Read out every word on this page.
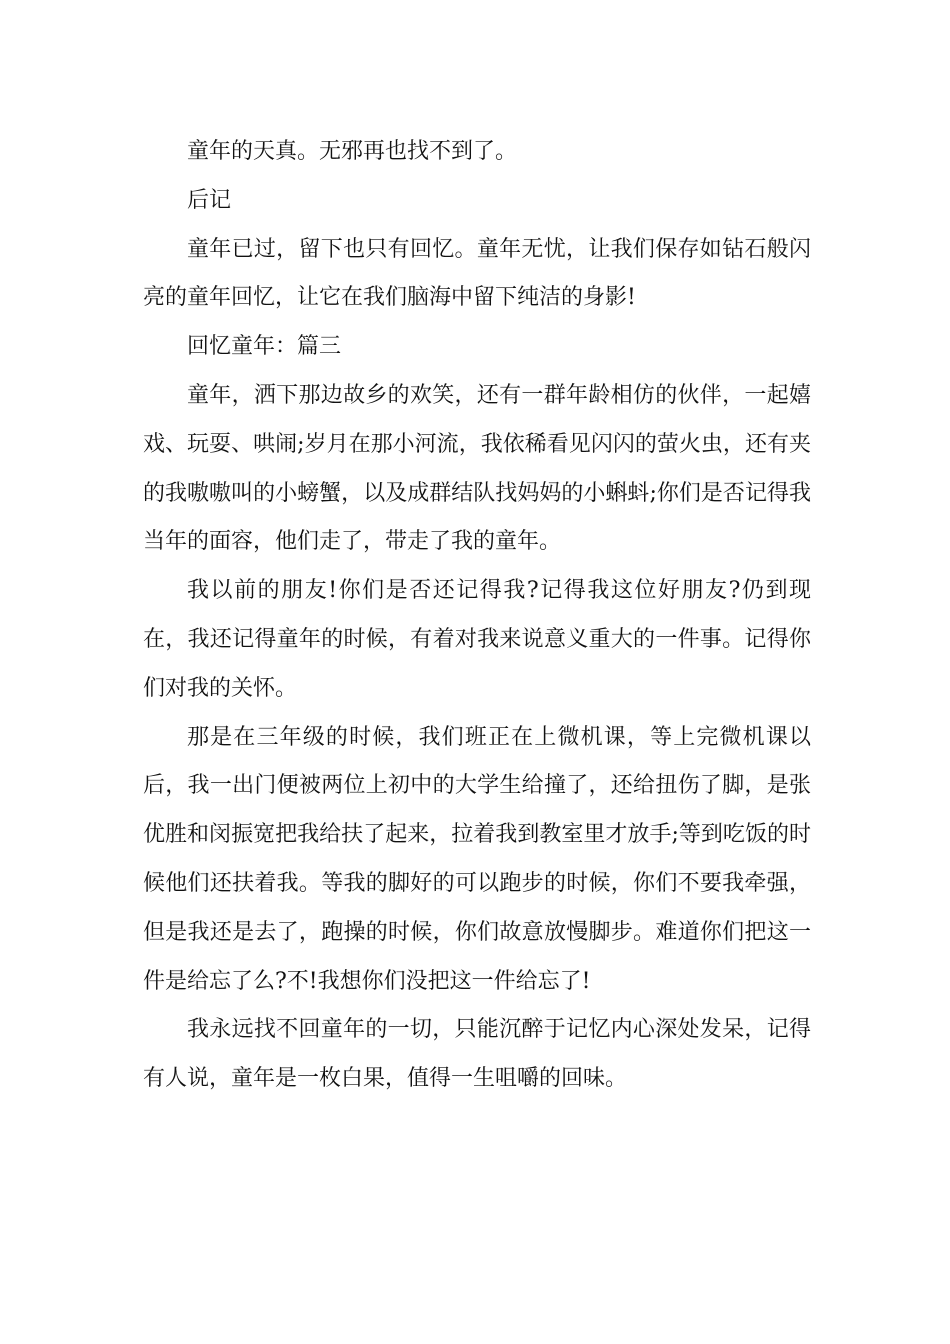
童年的天真。无邪再也找不到了。

后记

童年已过，留下也只有回忆。童年无忧，让我们保存如钻石般闪亮的童年回忆，让它在我们脑海中留下纯洁的身影!

回忆童年：篇三

童年，洒下那边故乡的欢笑，还有一群年龄相仿的伙伴，一起嬉戏、玩耍、哄闹;岁月在那小河流，我依稀看见闪闪的萤火虫，还有夹的我嗷嗷叫的小螃蟹，以及成群结队找妈妈的小蝌蚪;你们是否记得我当年的面容，他们走了，带走了我的童年。

我以前的朋友!你们是否还记得我?记得我这位好朋友?仍到现在，我还记得童年的时候，有着对我来说意义重大的一件事。记得你们对我的关怀。

那是在三年级的时候，我们班正在上微机课，等上完微机课以后，我一出门便被两位上初中的大学生给撞了，还给扭伤了脚，是张优胜和闵振宽把我给扶了起来，拉着我到教室里才放手;等到吃饭的时候他们还扶着我。等我的脚好的可以跑步的时候，你们不要我牵强，但是我还是去了，跑操的时候，你们故意放慢脚步。难道你们把这一件是给忘了么?不!我想你们没把这一件给忘了!

我永远找不回童年的一切，只能沉醉于记忆内心深处发呆，记得有人说，童年是一枚白果，值得一生咀嚼的回味。
